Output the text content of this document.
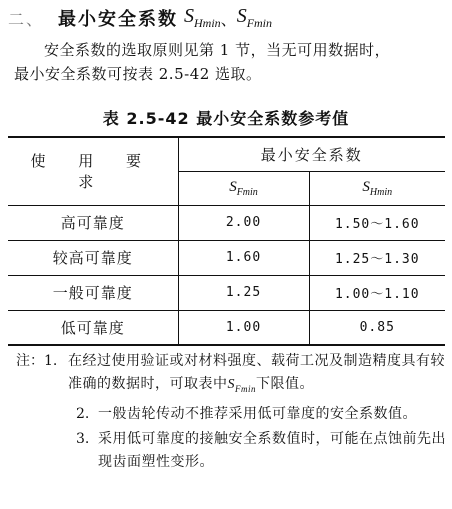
二、 最小安全系数 $S_{Hmin}$ 、 $S_{Fmin}$

安全系数的选取原则见第 1 节，当无可用数据时，

最小安全系数可按表 2.5-42 选取。

表 2.5-42 最小安全系数参考值
使 用 要 求	最小安全系数	
	$S_{Fmin}$	$S_{Hmin}$
高可靠度	2.00	1.50～1.60
较高可靠度	1.60	1.25～1.30
一般可靠度	1.25	1.00～1.10
低可靠度	1.00	0.85
注：1. 在经过使用验证或对材料强度、载荷工况及制造精度具有较准确的数据时，可取表中$S_{Fmin}$下限值。
2. 一般齿轮传动不推荐采用低可靠度的安全系数值。
3. 采用低可靠度的接触安全系数值时，可能在点蚀前先出现齿面塑性变形。
